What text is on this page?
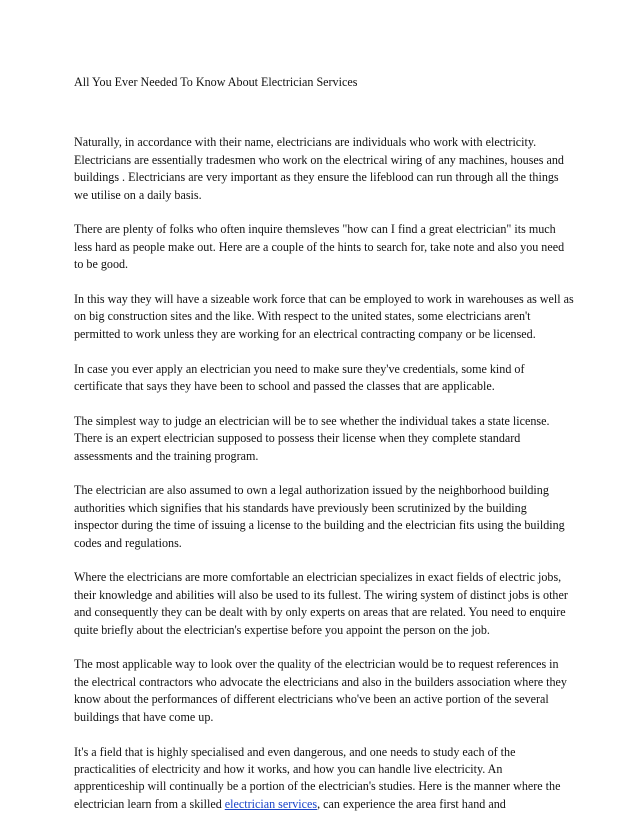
All You Ever Needed To Know About Electrician Services

Naturally, in accordance with their name, electricians are individuals who work with electricity. Electricians are essentially tradesmen who work on the electrical wiring of any machines, houses and buildings . Electricians are very important as they ensure the lifeblood can run through all the things we utilise on a daily basis.

There are plenty of folks who often inquire themsleves "how can I find a great electrician" its much less hard as people make out. Here are a couple of the hints to search for, take note and also you need to be good.

In this way they will have a sizeable work force that can be employed to work in warehouses as well as on big construction sites and the like. With respect to the united states, some electricians aren't permitted to work unless they are working for an electrical contracting company or be licensed.

In case you ever apply an electrician you need to make sure they've credentials, some kind of certificate that says they have been to school and passed the classes that are applicable.

The simplest way to judge an electrician will be to see whether the individual takes a state license. There is an expert electrician supposed to possess their license when they complete standard assessments and the training program.

The electrician are also assumed to own a legal authorization issued by the neighborhood building authorities which signifies that his standards have previously been scrutinized by the building inspector during the time of issuing a license to the building and the electrician fits using the building codes and regulations.

Where the electricians are more comfortable an electrician specializes in exact fields of electric jobs, their knowledge and abilities will also be used to its fullest. The wiring system of distinct jobs is other and consequently they can be dealt with by only experts on areas that are related. You need to enquire quite briefly about the electrician's expertise before you appoint the person on the job.

The most applicable way to look over the quality of the electrician would be to request references in the electrical contractors who advocate the electricians and also in the builders association where they know about the performances of different electricians who've been an active portion of the several buildings that have come up.

It's a field that is highly specialised and even dangerous, and one needs to study each of the practicalities of electricity and how it works, and how you can handle live electricity. An apprenticeship will continually be a portion of the electrician's studies. Here is the manner where the electrician learn from a skilled electrician services, can experience the area first hand and
